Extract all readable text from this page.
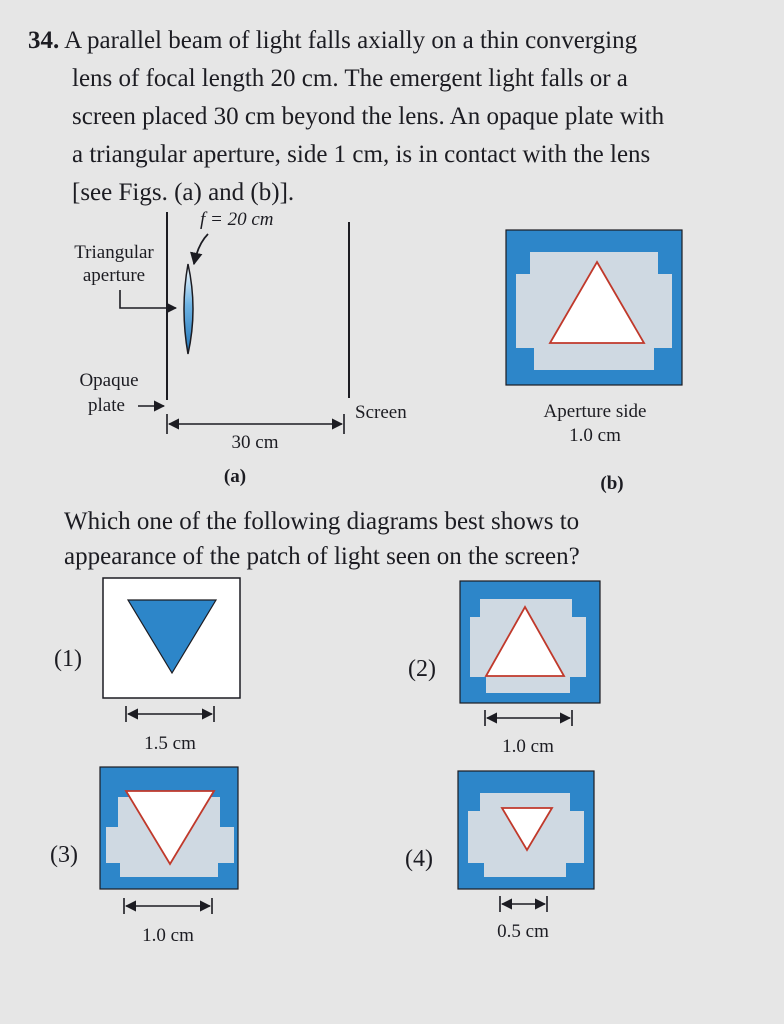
34. A parallel beam of light falls axially on a thin converging
lens of focal length 20 cm. The emergent light falls or a
screen placed 30 cm beyond the lens. An opaque plate with
a triangular aperture, side 1 cm, is in contact with the lens
[see Figs. (a) and (b)].
f = 20 cm
Triangular
aperture
Opaque
plate	Screen
30 cm
(a)
Aperture side
1.0 cm
(b)
Which one of the following diagrams best shows to
appearance of the patch of light seen on the screen?
(1)
1.5 cm
(2)
1.0 cm
(3)
1.0 cm
(4)
0.5 cm
